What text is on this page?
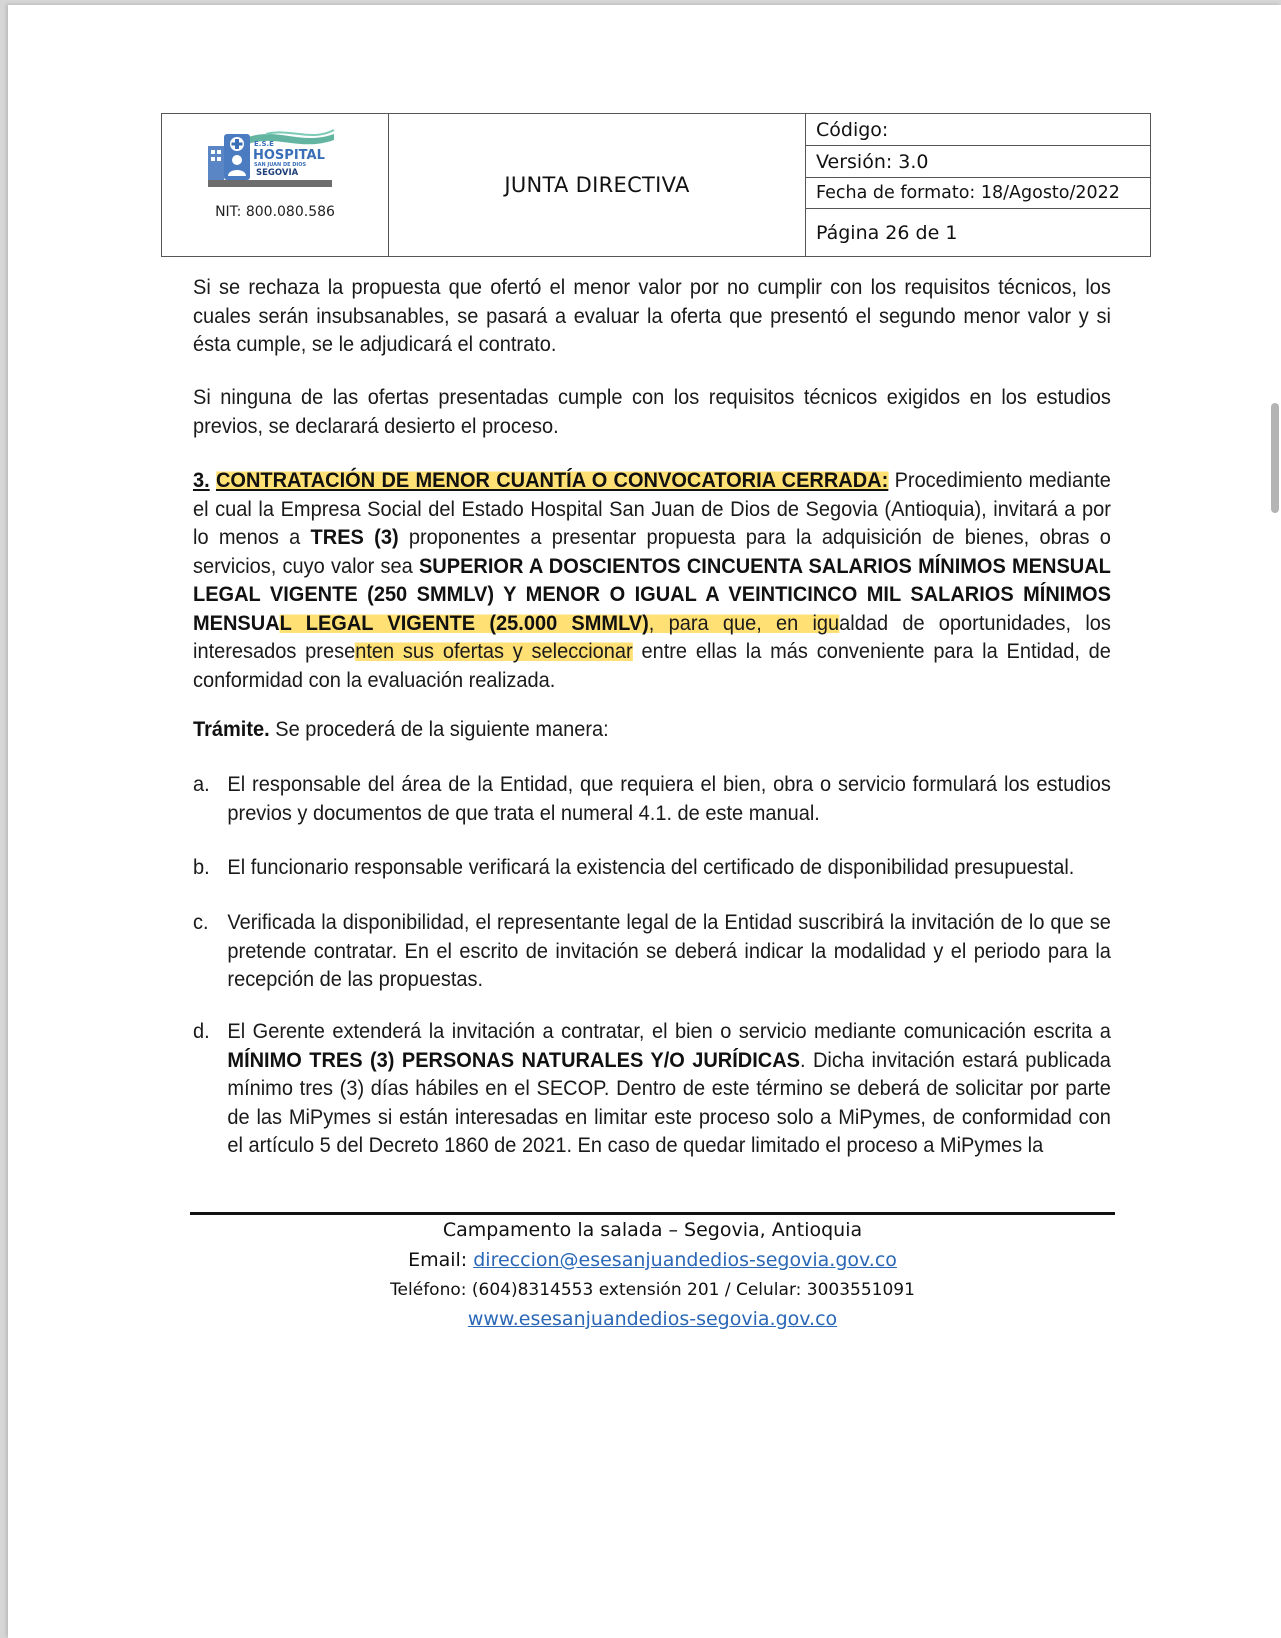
E.S.E
HOSPITAL
SAN JUAN DE DIOS
SEGOVIA
NIT: 800.080.586
JUNTA DIRECTIVA
Código:
Versión: 3.0
Fecha de formato: 18/Agosto/2022
Página 26 de 1

Si se rechaza la propuesta que ofertó el menor valor por no cumplir con los requisitos técnicos, los cuales serán insubsanables, se pasará a evaluar la oferta que presentó el segundo menor valor y si ésta cumple, se le adjudicará el contrato.

Si ninguna de las ofertas presentadas cumple con los requisitos técnicos exigidos en los estudios previos, se declarará desierto el proceso.

3. CONTRATACIÓN DE MENOR CUANTÍA O CONVOCATORIA CERRADA: Procedimiento mediante el cual la Empresa Social del Estado Hospital San Juan de Dios de Segovia (Antioquia), invitará a por lo menos a TRES (3) proponentes a presentar propuesta para la adquisición de bienes, obras o servicios, cuyo valor sea SUPERIOR A DOSCIENTOS CINCUENTA SALARIOS MÍNIMOS MENSUAL LEGAL VIGENTE (250 SMMLV) Y MENOR O IGUAL A VEINTICINCO MIL SALARIOS MÍNIMOS MENSUAL LEGAL VIGENTE (25.000 SMMLV), para que, en igualdad de oportunidades, los interesados presenten sus ofertas y seleccionar entre ellas la más conveniente para la Entidad, de conformidad con la evaluación realizada.

Trámite. Se procederá de la siguiente manera:

a. El responsable del área de la Entidad, que requiera el bien, obra o servicio formulará los estudios previos y documentos de que trata el numeral 4.1. de este manual.
b. El funcionario responsable verificará la existencia del certificado de disponibilidad presupuestal.
c. Verificada la disponibilidad, el representante legal de la Entidad suscribirá la invitación de lo que se pretende contratar. En el escrito de invitación se deberá indicar la modalidad y el periodo para la recepción de las propuestas.
d. El Gerente extenderá la invitación a contratar, el bien o servicio mediante comunicación escrita a MÍNIMO TRES (3) PERSONAS NATURALES Y/O JURÍDICAS. Dicha invitación estará publicada mínimo tres (3) días hábiles en el SECOP. Dentro de este término se deberá de solicitar por parte de las MiPymes si están interesadas en limitar este proceso solo a MiPymes, de conformidad con el artículo 5 del Decreto 1860 de 2021. En caso de quedar limitado el proceso a MiPymes la
Campamento la salada – Segovia, Antioquia
Email: direccion@esesanjuandedios-segovia.gov.co
Teléfono: (604)8314553 extensión 201 / Celular: 3003551091
www.esesanjuandedios-segovia.gov.co
